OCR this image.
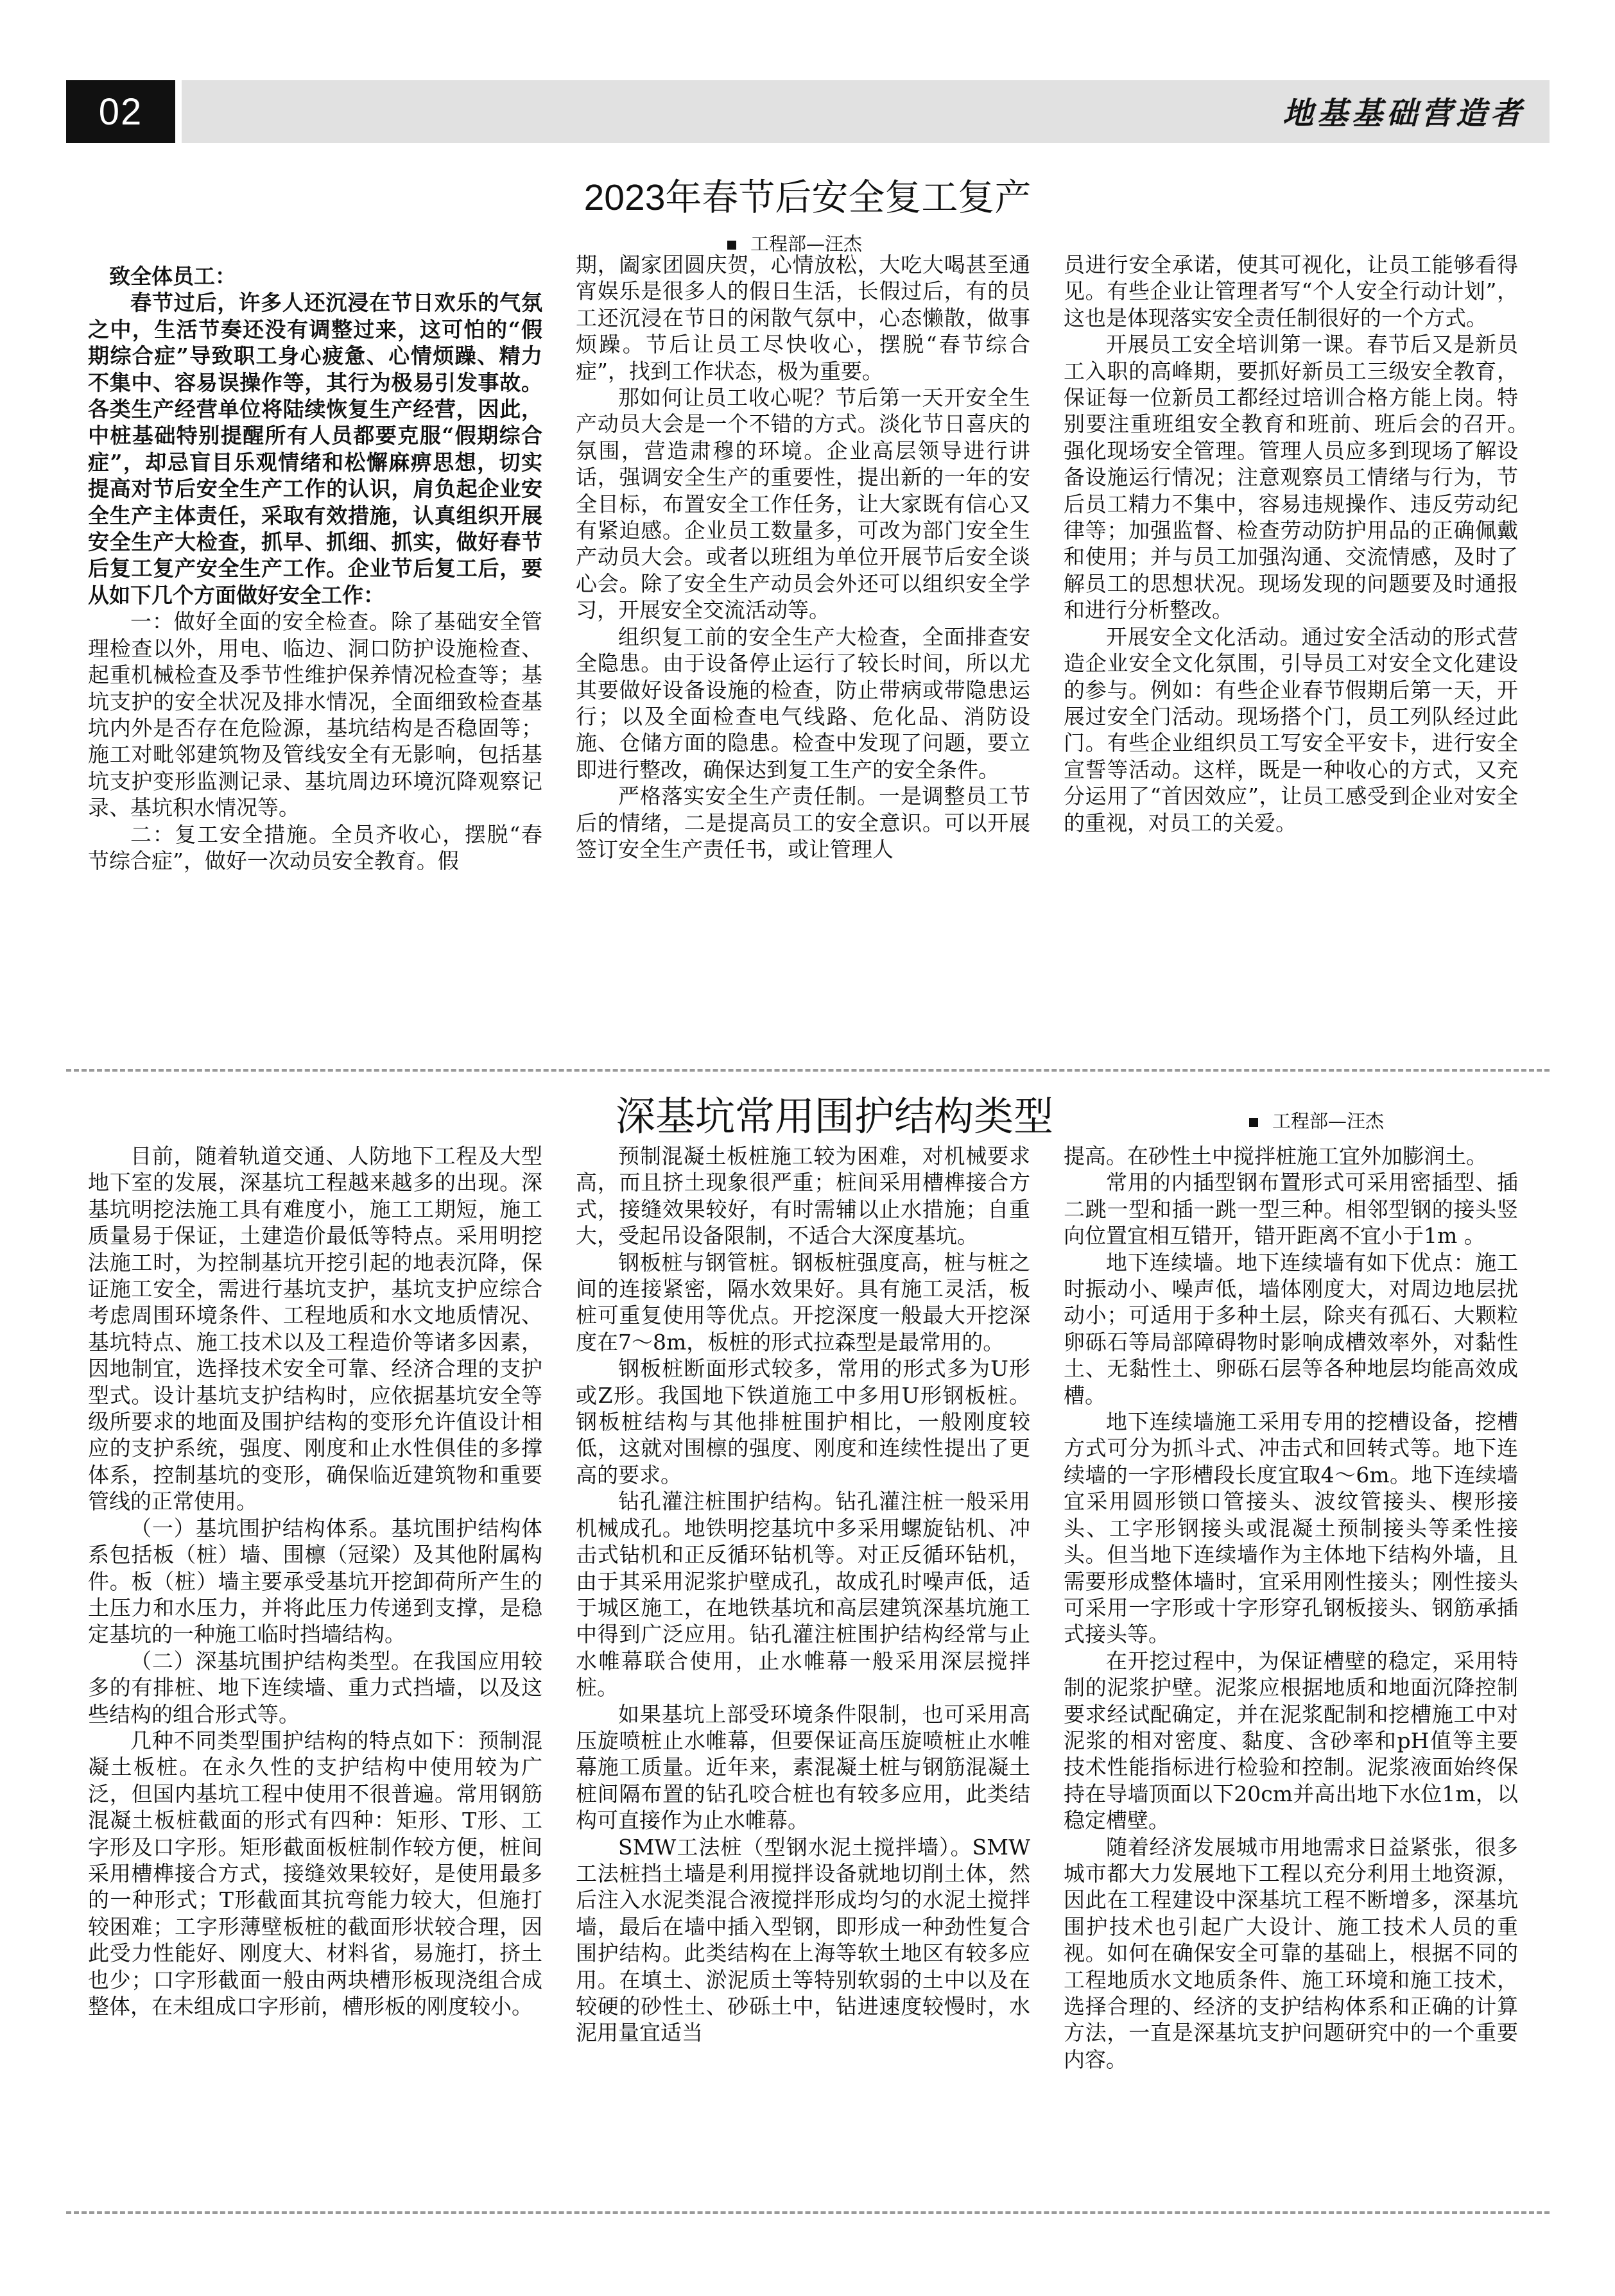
02	地基基础营造者
2023年春节后安全复工复产
工程部—汪杰

致全体员工：

春节过后，许多人还沉浸在节日欢乐的气氛之中，生活节奏还没有调整过来，这可怕的“假期综合症”导致职工身心疲惫、心情烦躁、精力不集中、容易误操作等，其行为极易引发事故。各类生产经营单位将陆续恢复生产经营，因此，中桩基础特别提醒所有人员都要克服“假期综合症”，却忌盲目乐观情绪和松懈麻痹思想，切实提高对节后安全生产工作的认识，肩负起企业安全生产主体责任，采取有效措施，认真组织开展安全生产大检查，抓早、抓细、抓实，做好春节后复工复产安全生产工作。企业节后复工后，要从如下几个方面做好安全工作：

一：做好全面的安全检查。除了基础安全管理检查以外，用电、临边、洞口防护设施检查、起重机械检查及季节性维护保养情况检查等；基坑支护的安全状况及排水情况，全面细致检查基坑内外是否存在危险源，基坑结构是否稳固等；施工对毗邻建筑物及管线安全有无影响，包括基坑支护变形监测记录、基坑周边环境沉降观察记录、基坑积水情况等。

二：复工安全措施。全员齐收心，摆脱“春节综合症”，做好一次动员安全教育。假

期，阖家团圆庆贺，心情放松，大吃大喝甚至通宵娱乐是很多人的假日生活，长假过后，有的员工还沉浸在节日的闲散气氛中，心态懒散，做事烦躁。节后让员工尽快收心，摆脱“春节综合症”，找到工作状态，极为重要。

那如何让员工收心呢？节后第一天开安全生产动员大会是一个不错的方式。淡化节日喜庆的氛围，营造肃穆的环境。企业高层领导进行讲话，强调安全生产的重要性，提出新的一年的安全目标，布置安全工作任务，让大家既有信心又有紧迫感。企业员工数量多，可改为部门安全生产动员大会。或者以班组为单位开展节后安全谈心会。除了安全生产动员会外还可以组织安全学习，开展安全交流活动等。

组织复工前的安全生产大检查，全面排查安全隐患。由于设备停止运行了较长时间，所以尤其要做好设备设施的检查，防止带病或带隐患运行；以及全面检查电气线路、危化品、消防设施、仓储方面的隐患。检查中发现了问题，要立即进行整改，确保达到复工生产的安全条件。

严格落实安全生产责任制。一是调整员工节后的情绪，二是提高员工的安全意识。可以开展签订安全生产责任书，或让管理人

员进行安全承诺，使其可视化，让员工能够看得见。有些企业让管理者写“个人安全行动计划”，这也是体现落实安全责任制很好的一个方式。

开展员工安全培训第一课。春节后又是新员工入职的高峰期，要抓好新员工三级安全教育，保证每一位新员工都经过培训合格方能上岗。特别要注重班组安全教育和班前、班后会的召开。　　强化现场安全管理。管理人员应多到现场了解设备设施运行情况；注意观察员工情绪与行为，节后员工精力不集中，容易违规操作、违反劳动纪律等；加强监督、检查劳动防护用品的正确佩戴和使用；并与员工加强沟通、交流情感，及时了解员工的思想状况。现场发现的问题要及时通报和进行分析整改。

开展安全文化活动。通过安全活动的形式营造企业安全文化氛围，引导员工对安全文化建设的参与。例如：有些企业春节假期后第一天，开展过安全门活动。现场搭个门，员工列队经过此门。有些企业组织员工写安全平安卡，进行安全宣誓等活动。这样，既是一种收心的方式，又充分运用了“首因效应”，让员工感受到企业对安全的重视，对员工的关爱。

深基坑常用围护结构类型	工程部—汪杰

目前，随着轨道交通、人防地下工程及大型地下室的发展，深基坑工程越来越多的出现。深基坑明挖法施工具有难度小，施工工期短，施工质量易于保证，土建造价最低等特点。采用明挖法施工时，为控制基坑开挖引起的地表沉降，保证施工安全，需进行基坑支护，基坑支护应综合考虑周围环境条件、工程地质和水文地质情况、基坑特点、施工技术以及工程造价等诸多因素，因地制宜，选择技术安全可靠、经济合理的支护型式。设计基坑支护结构时，应依据基坑安全等级所要求的地面及围护结构的变形允许值设计相应的支护系统，强度、刚度和止水性俱佳的多撑体系，控制基坑的变形，确保临近建筑物和重要管线的正常使用。

（一）基坑围护结构体系。基坑围护结构体系包括板（桩）墙、围檩（冠梁）及其他附属构件。板（桩）墙主要承受基坑开挖卸荷所产生的土压力和水压力，并将此压力传递到支撑，是稳定基坑的一种施工临时挡墙结构。

（二）深基坑围护结构类型。在我国应用较多的有排桩、地下连续墙、重力式挡墙，以及这些结构的组合形式等。

几种不同类型围护结构的特点如下：预制混凝土板桩。在永久性的支护结构中使用较为广泛，但国内基坑工程中使用不很普遍。常用钢筋混凝土板桩截面的形式有四种：矩形、T形、工字形及口字形。矩形截面板桩制作较方便，桩间采用槽榫接合方式，接缝效果较好，是使用最多的一种形式；T形截面其抗弯能力较大，但施打较困难；工字形薄壁板桩的截面形状较合理，因此受力性能好、刚度大、材料省，易施打，挤土也少；口字形截面一般由两块槽形板现浇组合成整体，在未组成口字形前，槽形板的刚度较小。

预制混凝土板桩施工较为困难，对机械要求高，而且挤土现象很严重；桩间采用槽榫接合方式，接缝效果较好，有时需辅以止水措施；自重大，受起吊设备限制，不适合大深度基坑。

钢板桩与钢管桩。钢板桩强度高，桩与桩之间的连接紧密，隔水效果好。具有施工灵活，板桩可重复使用等优点。开挖深度一般最大开挖深度在7～8m，板桩的形式拉森型是最常用的。

钢板桩断面形式较多，常用的形式多为U形或Z形。我国地下铁道施工中多用U形钢板桩。钢板桩结构与其他排桩围护相比，一般刚度较低，这就对围檩的强度、刚度和连续性提出了更高的要求。

钻孔灌注桩围护结构。钻孔灌注桩一般采用机械成孔。地铁明挖基坑中多采用螺旋钻机、冲击式钻机和正反循环钻机等。对正反循环钻机，由于其采用泥浆护壁成孔，故成孔时噪声低，适于城区施工，在地铁基坑和高层建筑深基坑施工中得到广泛应用。钻孔灌注桩围护结构经常与止水帷幕联合使用，止水帷幕一般采用深层搅拌桩。

如果基坑上部受环境条件限制，也可采用高压旋喷桩止水帷幕，但要保证高压旋喷桩止水帷幕施工质量。近年来，素混凝土桩与钢筋混凝土桩间隔布置的钻孔咬合桩也有较多应用，此类结构可直接作为止水帷幕。

SMW工法桩（型钢水泥土搅拌墙）。SMW工法桩挡土墙是利用搅拌设备就地切削土体，然后注入水泥类混合液搅拌形成均匀的水泥土搅拌墙，最后在墙中插入型钢，即形成一种劲性复合围护结构。此类结构在上海等软土地区有较多应用。在填土、淤泥质土等特别软弱的土中以及在较硬的砂性土、砂砾土中，钻进速度较慢时，水泥用量宜适当

提高。在砂性土中搅拌桩施工宜外加膨润土。

常用的内插型钢布置形式可采用密插型、插二跳一型和插一跳一型三种。相邻型钢的接头竖向位置宜相互错开，错开距离不宜小于1m 。

地下连续墙。地下连续墙有如下优点：施工时振动小、噪声低，墙体刚度大，对周边地层扰动小；可适用于多种土层，除夹有孤石、大颗粒卵砾石等局部障碍物时影响成槽效率外，对黏性土、无黏性土、卵砾石层等各种地层均能高效成槽。

地下连续墙施工采用专用的挖槽设备，挖槽方式可分为抓斗式、冲击式和回转式等。地下连续墙的一字形槽段长度宜取4～6m。地下连续墙宜采用圆形锁口管接头、波纹管接头、楔形接头、工字形钢接头或混凝土预制接头等柔性接头。但当地下连续墙作为主体地下结构外墙，且需要形成整体墙时，宜采用刚性接头；刚性接头可采用一字形或十字形穿孔钢板接头、钢筋承插式接头等。

在开挖过程中，为保证槽壁的稳定，采用特制的泥浆护壁。泥浆应根据地质和地面沉降控制要求经试配确定，并在泥浆配制和挖槽施工中对泥浆的相对密度、黏度、含砂率和pH值等主要技术性能指标进行检验和控制。泥浆液面始终保持在导墙顶面以下20cm并高出地下水位1m，以稳定槽壁。

随着经济发展城市用地需求日益紧张，很多城市都大力发展地下工程以充分利用土地资源，因此在工程建设中深基坑工程不断增多，深基坑围护技术也引起广大设计、施工技术人员的重视。如何在确保安全可靠的基础上，根据不同的工程地质水文地质条件、施工环境和施工技术，选择合理的、经济的支护结构体系和正确的计算方法，一直是深基坑支护问题研究中的一个重要内容。
